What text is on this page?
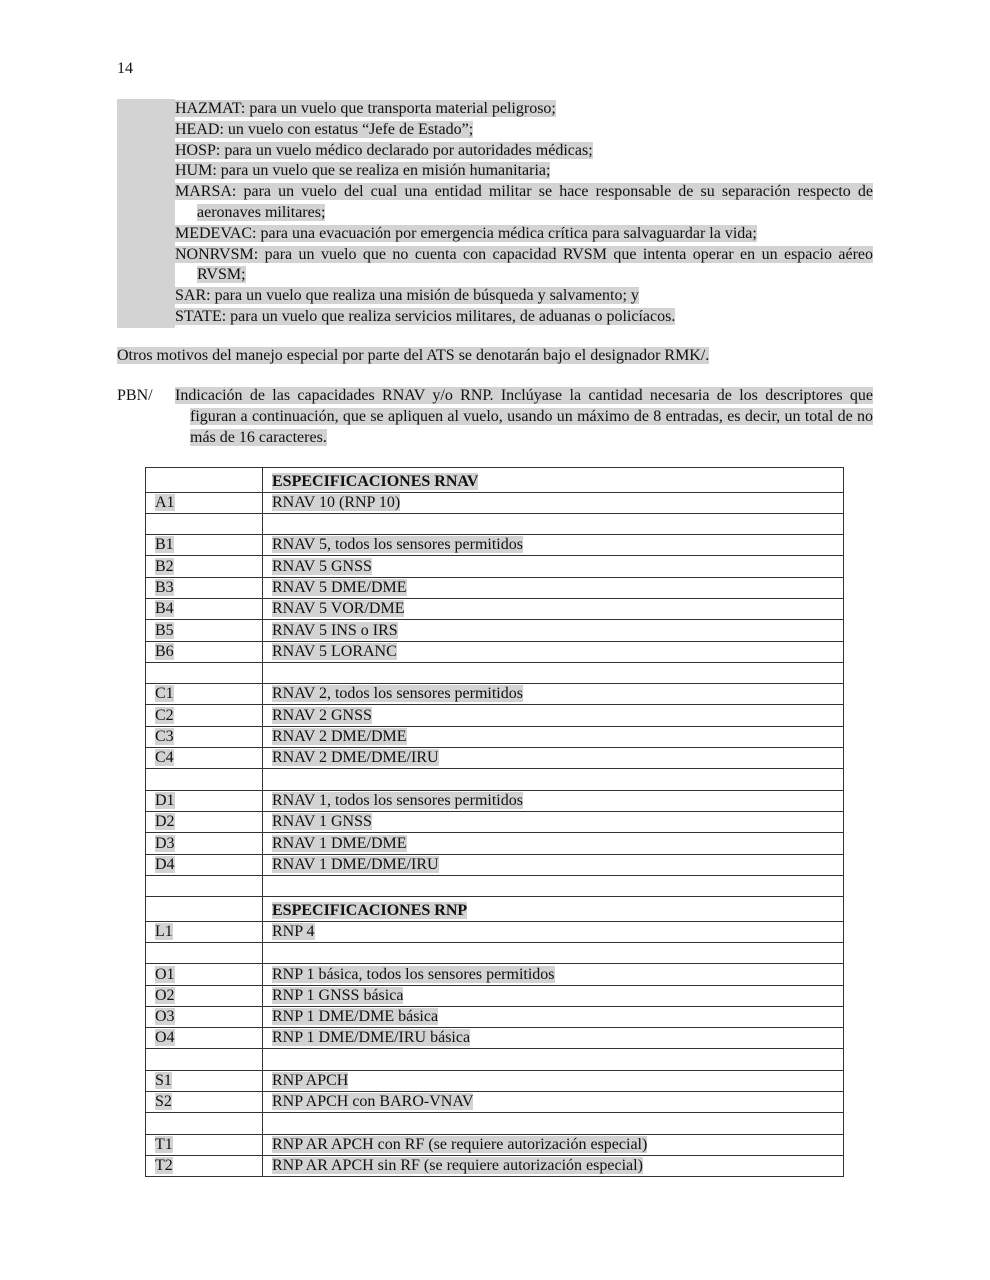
14
HAZMAT: para un vuelo que transporta material peligroso;
HEAD: un vuelo con estatus “Jefe de Estado”;
HOSP: para un vuelo médico declarado por autoridades médicas;
HUM: para un vuelo que se realiza en misión humanitaria;
MARSA: para un vuelo del cual una entidad militar se hace responsable de su separación respecto de aeronaves militares;
MEDEVAC: para una evacuación por emergencia médica crítica para salvaguardar la vida;
NONRVSM: para un vuelo que no cuenta con capacidad RVSM que intenta operar en un espacio aéreo RVSM;
SAR: para un vuelo que realiza una misión de búsqueda y salvamento; y
STATE: para un vuelo que realiza servicios militares, de aduanas o policíacos.
Otros motivos del manejo especial por parte del ATS se denotarán bajo el designador RMK/.
PBN/	Indicación de las capacidades RNAV y/o RNP. Inclúyase la cantidad necesaria de los descriptores que figuran a continuación, que se apliquen al vuelo, usando un máximo de 8 entradas, es decir, un total de no más de 16 caracteres.
	ESPECIFICACIONES RNAV
A1	RNAV 10 (RNP 10)

B1	RNAV 5, todos los sensores permitidos
B2	RNAV 5 GNSS
B3	RNAV 5 DME/DME
B4	RNAV 5 VOR/DME
B5	RNAV 5 INS o IRS
B6	RNAV 5 LORANC

C1	RNAV 2, todos los sensores permitidos
C2	RNAV 2 GNSS
C3	RNAV 2 DME/DME
C4	RNAV 2 DME/DME/IRU

D1	RNAV 1, todos los sensores permitidos
D2	RNAV 1 GNSS
D3	RNAV 1 DME/DME
D4	RNAV 1 DME/DME/IRU

	ESPECIFICACIONES RNP
L1	RNP 4

O1	RNP 1 básica, todos los sensores permitidos
O2	RNP 1 GNSS básica
O3	RNP 1 DME/DME básica
O4	RNP 1 DME/DME/IRU básica

S1	RNP APCH
S2	RNP APCH con BARO-VNAV

T1	RNP AR APCH con RF (se requiere autorización especial)
T2	RNP AR APCH sin RF (se requiere autorización especial)
